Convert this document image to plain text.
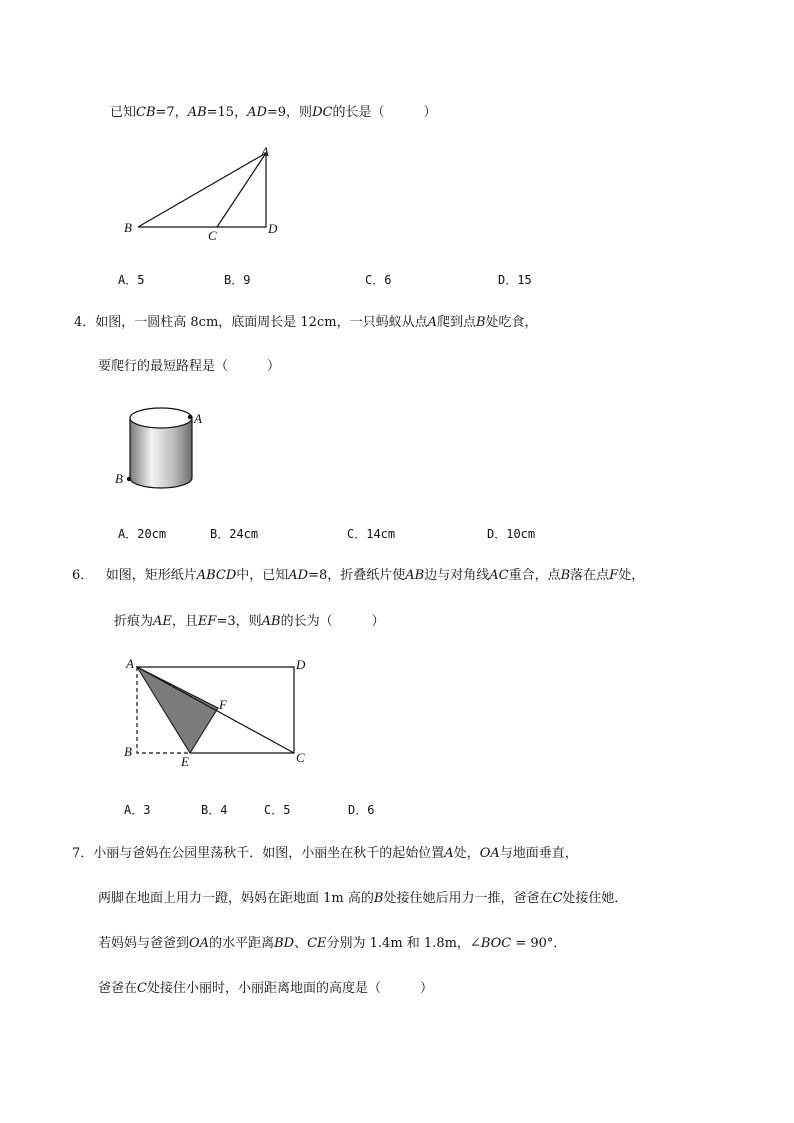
已知CB=7，AB=15，AD=9，则DC的长是（　　　）
A
B
C	D
A．5	B．9	C．6	D．15
4．如图，一圆柱高 8cm，底面周长是 12cm，一只蚂蚁从点A爬到点B处吃食，
要爬行的最短路程是（　　　）
A
B
A．20cm	B．24cm	C．14cm	D．10cm
6． 如图，矩形纸片ABCD中，已知AD=8，折叠纸片使AB边与对角线AC重合，点B落在点F处，
折痕为AE，且EF=3，则AB的长为（　　　）
A	D
F
B
E	C
A．3	B．4	C．5	D．6
7．小丽与爸妈在公园里荡秋千．如图，小丽坐在秋千的起始位置A处，OA与地面垂直，
两脚在地面上用力一蹬，妈妈在距地面 1m 高的B处接住她后用力一推，爸爸在C处接住她．
若妈妈与爸爸到OA的水平距离BD、CE分别为 1.4m 和 1.8m，∠BOC = 90°．
爸爸在C处接住小丽时，小丽距离地面的高度是（　　　）
